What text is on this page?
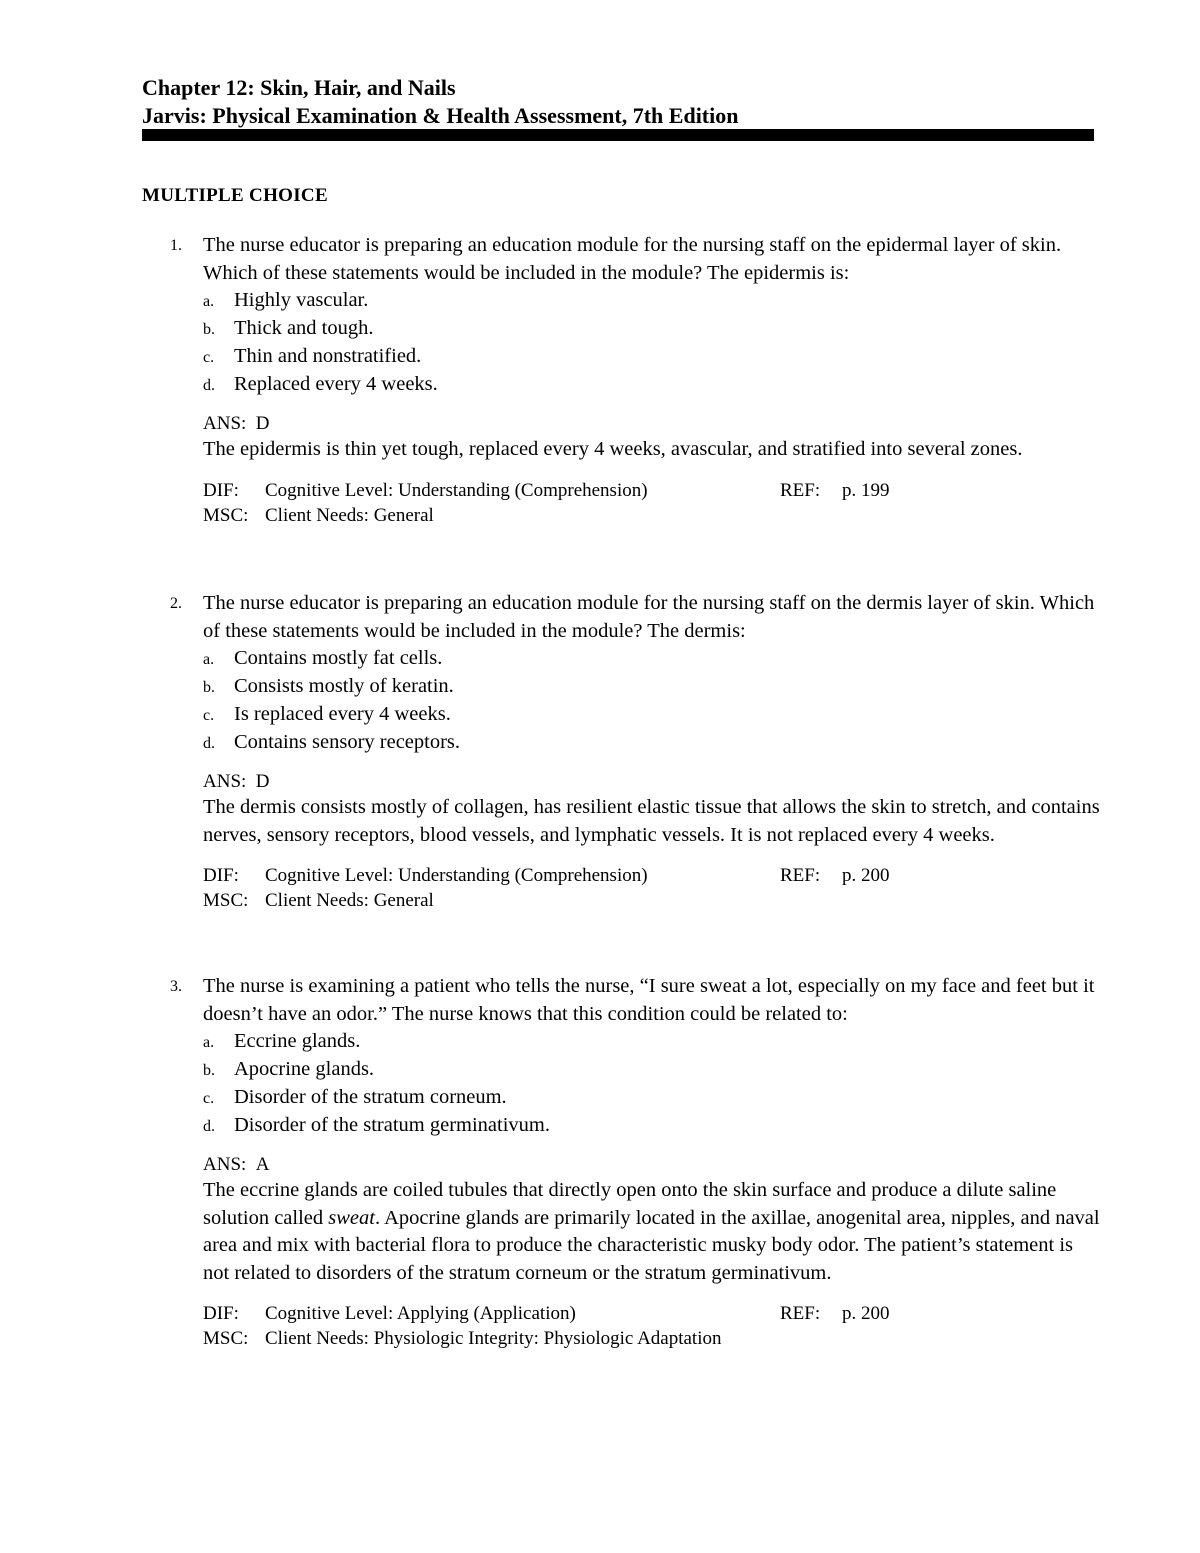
Chapter 12: Skin, Hair, and Nails
Jarvis: Physical Examination & Health Assessment, 7th Edition
MULTIPLE CHOICE
1. The nurse educator is preparing an education module for the nursing staff on the epidermal layer of skin. Which of these statements would be included in the module? The epidermis is:
a. Highly vascular.
b. Thick and tough.
c. Thin and nonstratified.
d. Replaced every 4 weeks.
ANS: D
The epidermis is thin yet tough, replaced every 4 weeks, avascular, and stratified into several zones.
DIF: Cognitive Level: Understanding (Comprehension)	REF: p. 199
MSC: Client Needs: General
2. The nurse educator is preparing an education module for the nursing staff on the dermis layer of skin. Which of these statements would be included in the module? The dermis:
a. Contains mostly fat cells.
b. Consists mostly of keratin.
c. Is replaced every 4 weeks.
d. Contains sensory receptors.
ANS: D
The dermis consists mostly of collagen, has resilient elastic tissue that allows the skin to stretch, and contains nerves, sensory receptors, blood vessels, and lymphatic vessels. It is not replaced every 4 weeks.
DIF: Cognitive Level: Understanding (Comprehension)	REF: p. 200
MSC: Client Needs: General
3. The nurse is examining a patient who tells the nurse, “I sure sweat a lot, especially on my face and feet but it doesn’t have an odor.” The nurse knows that this condition could be related to:
a. Eccrine glands.
b. Apocrine glands.
c. Disorder of the stratum corneum.
d. Disorder of the stratum germinativum.
ANS: A
The eccrine glands are coiled tubules that directly open onto the skin surface and produce a dilute saline solution called sweat. Apocrine glands are primarily located in the axillae, anogenital area, nipples, and naval area and mix with bacterial flora to produce the characteristic musky body odor. The patient’s statement is not related to disorders of the stratum corneum or the stratum germinativum.
DIF: Cognitive Level: Applying (Application)	REF: p. 200
MSC: Client Needs: Physiologic Integrity: Physiologic Adaptation
